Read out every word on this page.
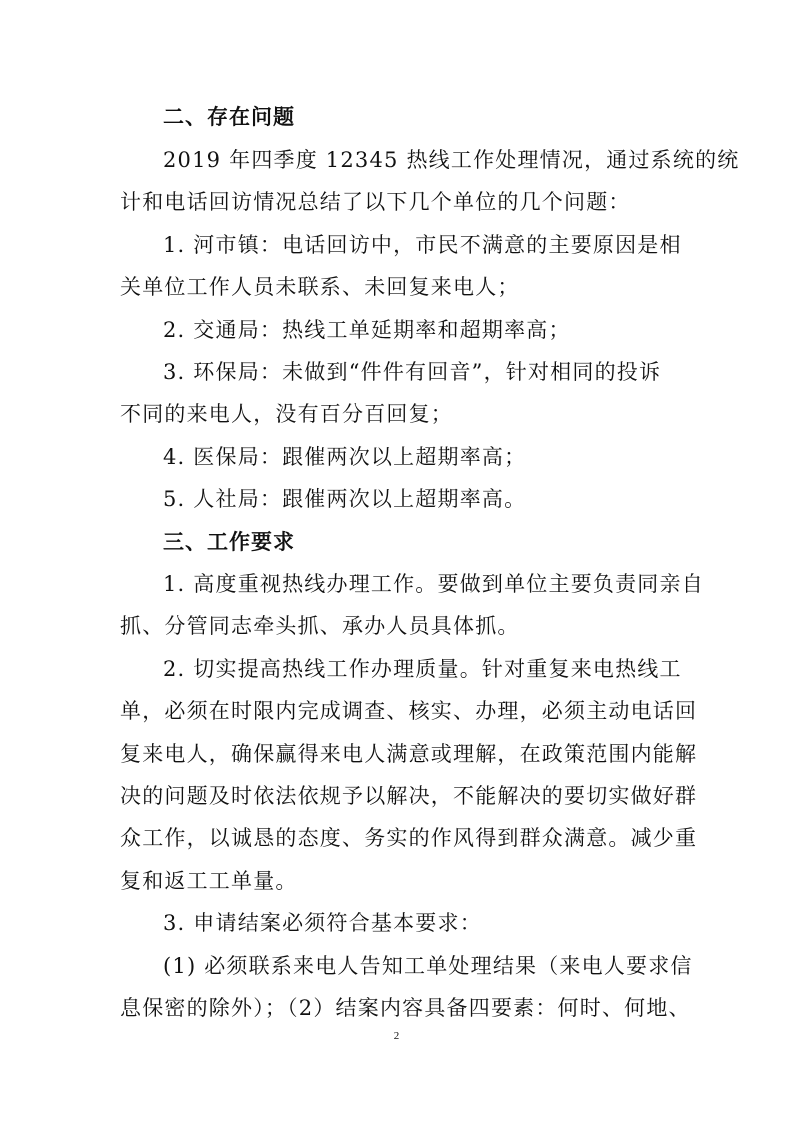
二、存在问题
2019 年四季度 12345 热线工作处理情况，通过系统的统
计和电话回访情况总结了以下几个单位的几个问题：
1. 河市镇：电话回访中，市民不满意的主要原因是相
关单位工作人员未联系、未回复来电人；
2. 交通局：热线工单延期率和超期率高；
3. 环保局：未做到“件件有回音”，针对相同的投诉
不同的来电人，没有百分百回复；
4. 医保局：跟催两次以上超期率高；
5. 人社局：跟催两次以上超期率高。
三、工作要求
1. 高度重视热线办理工作。要做到单位主要负责同亲自
抓、分管同志牵头抓、承办人员具体抓。
2. 切实提高热线工作办理质量。针对重复来电热线工
单，必须在时限内完成调查、核实、办理，必须主动电话回
复来电人，确保赢得来电人满意或理解，在政策范围内能解
决的问题及时依法依规予以解决，不能解决的要切实做好群
众工作，以诚恳的态度、务实的作风得到群众满意。减少重
复和返工工单量。
3. 申请结案必须符合基本要求：
(1) 必须联系来电人告知工单处理结果（来电人要求信
息保密的除外）；（2）结案内容具备四要素：何时、何地、
2
